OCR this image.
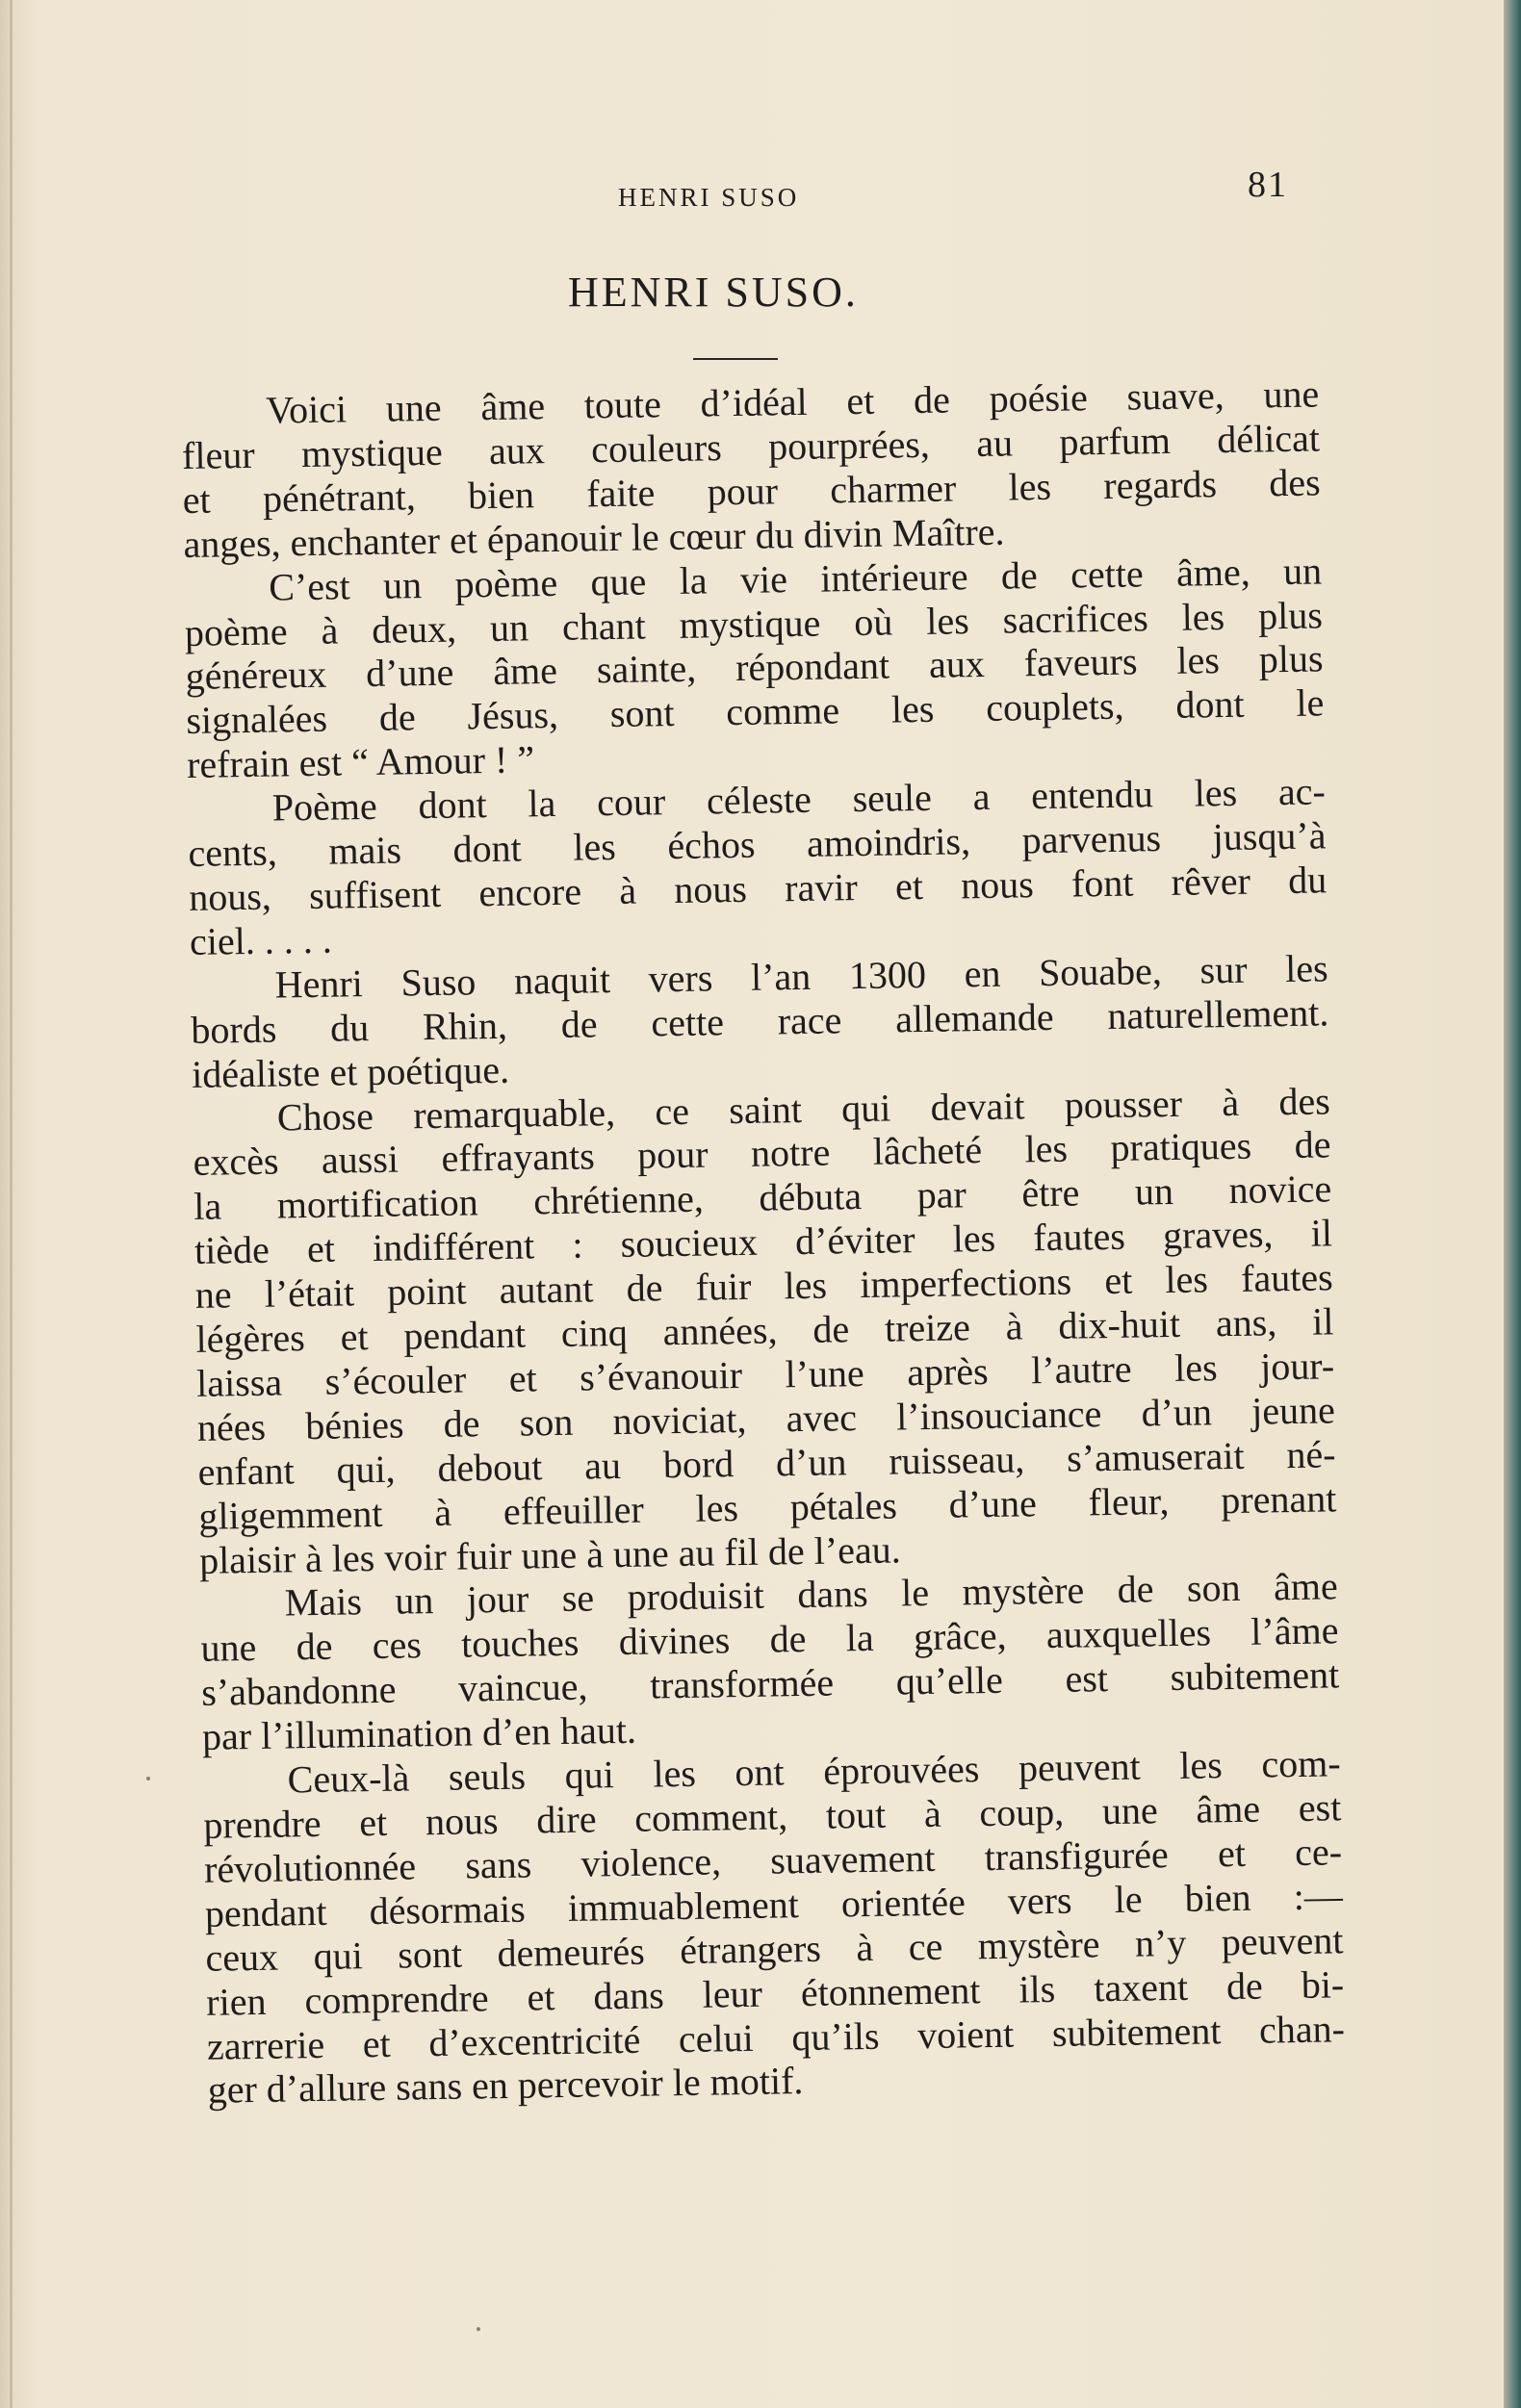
HENRI SUSO	81
HENRI SUSO.
Voici une âme toute d’idéal et de poésie suave, une
fleur mystique aux couleurs pourprées, au parfum délicat
et pénétrant, bien faite pour charmer les regards des
anges, enchanter et épanouir le cœur du divin Maître.
C’est un poème que la vie intérieure de cette âme, un
poème à deux, un chant mystique où les sacrifices les plus
généreux d’une âme sainte, répondant aux faveurs les plus
signalées de Jésus, sont comme les couplets, dont le
refrain est “ Amour ! ”
Poème dont la cour céleste seule a entendu les ac-
cents, mais dont les échos amoindris, parvenus jusqu’à
nous, suffisent encore à nous ravir et nous font rêver du
ciel. . . . .
Henri Suso naquit vers l’an 1300 en Souabe, sur les
bords du Rhin, de cette race allemande naturellement.
idéaliste et poétique.
Chose remarquable, ce saint qui devait pousser à des
excès aussi effrayants pour notre lâcheté les pratiques de
la mortification chrétienne, débuta par être un novice
tiède et indifférent : soucieux d’éviter les fautes graves, il
ne l’était point autant de fuir les imperfections et les fautes
légères et pendant cinq années, de treize à dix-huit ans, il
laissa s’écouler et s’évanouir l’une après l’autre les jour-
nées bénies de son noviciat, avec l’insouciance d’un jeune
enfant qui, debout au bord d’un ruisseau, s’amuserait né-
gligemment à effeuiller les pétales d’une fleur, prenant
plaisir à les voir fuir une à une au fil de l’eau.
Mais un jour se produisit dans le mystère de son âme
une de ces touches divines de la grâce, auxquelles l’âme
s’abandonne vaincue, transformée qu’elle est subitement
par l’illumination d’en haut.
Ceux-là seuls qui les ont éprouvées peuvent les com-
prendre et nous dire comment, tout à coup, une âme est
révolutionnée sans violence, suavement transfigurée et ce-
pendant désormais immuablement orientée vers le bien :—
ceux qui sont demeurés étrangers à ce mystère n’y peuvent
rien comprendre et dans leur étonnement ils taxent de bi-
zarrerie et d’excentricité celui qu’ils voient subitement chan-
ger d’allure sans en percevoir le motif.
